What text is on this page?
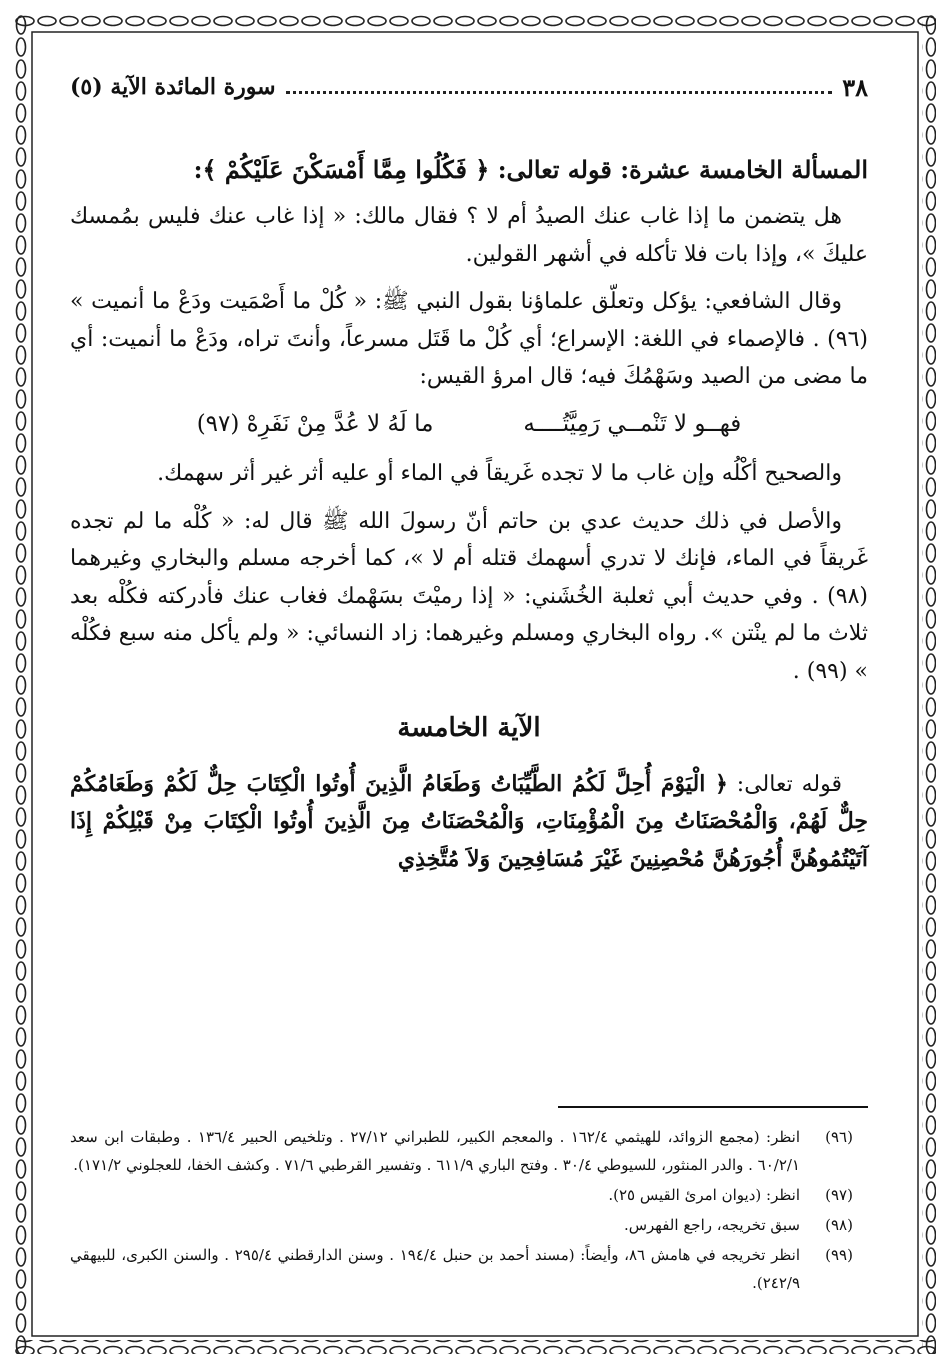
٣٨
سورة المائدة الآية (٥)
المسألة الخامسة عشرة: قوله تعالى: ﴿ فَكُلُوا مِمَّا أَمْسَكْنَ عَلَيْكُمْ ﴾:

هل يتضمن ما إذا غاب عنك الصيدُ أم لا ؟ فقال مالك: « إذا غاب عنك فليس بمُمسك عليكَ »، وإذا بات فلا تأكله في أشهر القولين.

وقال الشافعي: يؤكل وتعلّق علماؤنا بقول النبي ﷺ: « كُلْ ما أَصْمَيت ودَعْ ما أنميت » (٩٦) . فالإصماء في اللغة: الإسراع؛ أي كُلْ ما قَتَل مسرعاً، وأنتَ تراه، ودَعْ ما أنميت: أي ما مضى من الصيد وسَهْمُكَ فيه؛ قال امرؤ القيس:

فهــو لا تَنْمــي رَمِيَّتُــــه
ما لَهُ لا عُدَّ مِنْ نَفَرِهْ (٩٧)

والصحيح أكْلُه وإن غاب ما لا تجده غَريقاً في الماء أو عليه أثر غير أثر سهمك.

والأصل في ذلك حديث عدي بن حاتم أنّ رسولَ الله ﷺ قال له: « كُلْه ما لم تجده غَريقاً في الماء، فإنك لا تدري أسهمك قتله أم لا »، كما أخرجه مسلم والبخاري وغيرهما (٩٨) . وفي حديث أبي ثعلبة الخُشَني: « إذا رميْتَ بسَهْمك فغاب عنك فأدركته فكُلْه بعد ثلاث ما لم ينْتن ». رواه البخاري ومسلم وغيرهما: زاد النسائي: « ولم يأكل منه سبع فكُلْه » (٩٩) .

الآية الخامسة

قوله تعالى: ﴿ الْيَوْمَ أُحِلَّ لَكُمُ الطَّيِّبَاتُ وَطَعَامُ الَّذِينَ أُوتُوا الْكِتَابَ حِلٌّ لَكُمْ وَطَعَامُكُمْ حِلٌّ لَهُمْ، وَالْمُحْصَنَاتُ مِنَ الْمُؤْمِنَاتِ، وَالْمُحْصَنَاتُ مِنَ الَّذِينَ أُوتُوا الْكِتَابَ مِنْ قَبْلِكُمْ إِذَا آتَيْتُمُوهُنَّ أُجُورَهُنَّ مُحْصِنِينَ غَيْرَ مُسَافِحِينَ وَلاَ مُتَّخِذِي

(٩٦)
انظر: (مجمع الزوائد، للهيثمي ١٦٢/٤ . والمعجم الكبير، للطبراني ٢٧/١٢ . وتلخيص الحبير ١٣٦/٤ . وطبقات ابن سعد ٦٠/٢/١ . والدر المنثور، للسيوطي ٣٠/٤ . وفتح الباري ٦١١/٩ . وتفسير القرطبي ٧١/٦ . وكشف الخفا، للعجلوني ١٧١/٢).
(٩٧)
انظر: (ديوان امرئ القيس ٢٥).
(٩٨)
سبق تخريجه، راجع الفهرس.
(٩٩)
انظر تخريجه في هامش ٨٦، وأيضاً: (مسند أحمد بن حنبل ١٩٤/٤ . وسنن الدارقطني ٢٩٥/٤ . والسنن الكبرى، للبيهقي ٢٤٢/٩).
